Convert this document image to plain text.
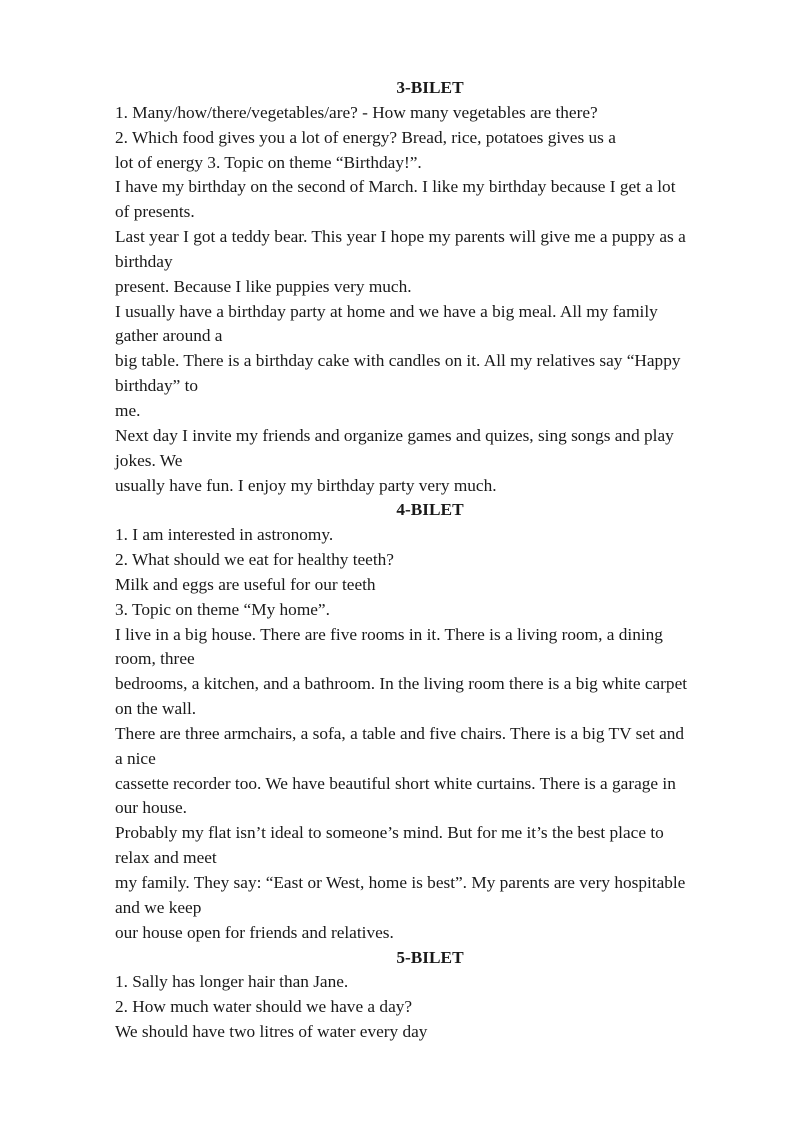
3-BILET
1. Many/how/there/vegetables/are? - How many vegetables are there?
2. Which food gives you a lot of energy? Bread, rice, potatoes gives us a
lot of energy 3. Topic on theme “Birthday!”.
I have my birthday on the second of March. I like my birthday because I get a lot
of presents.
Last year I got a teddy bear. This year I hope my parents will give me a puppy as a
birthday
present. Because I like puppies very much.
I usually have a birthday party at home and we have a big meal. All my family
gather around a
big table. There is a birthday cake with candles on it. All my relatives say “Happy
birthday” to
me.
Next day I invite my friends and organize games and quizes, sing songs and play
jokes. We
usually have fun. I enjoy my birthday party very much.
4-BILET
1. I am interested in astronomy.
2. What should we eat for healthy teeth?
Milk and eggs are useful for our teeth
3. Topic on theme “My home”.
I live in a big house. There are five rooms in it. There is a living room, a dining
room, three
bedrooms, a kitchen, and a bathroom. In the living room there is a big white carpet
on the wall.
There are three armchairs, a sofa, a table and five chairs. There is a big TV set and
a nice
cassette recorder too. We have beautiful short white curtains. There is a garage in
our house.
Probably my flat isn’t ideal to someone’s mind. But for me it’s the best place to
relax and meet
my family. They say: “East or West, home is best”. My parents are very hospitable
and we keep
our house open for friends and relatives.
5-BILET
1. Sally has longer hair than Jane.
2. How much water should we have a day?
We should have two litres of water every day
